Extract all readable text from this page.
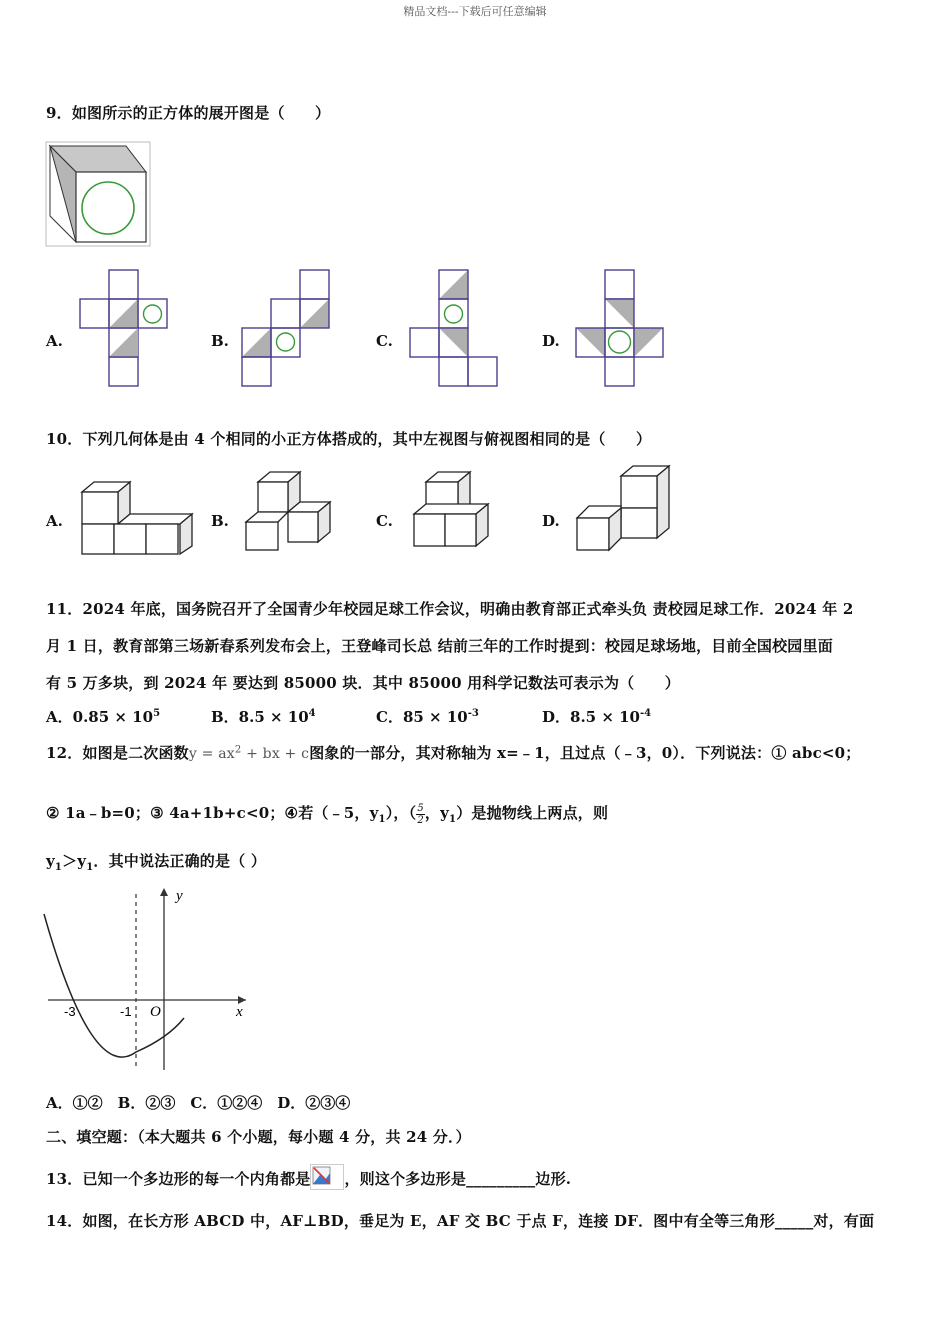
精品文档---下载后可任意编辑
9．如图所示的正方体的展开图是（　　）
A.	B.	C.	D.
10．下列几何体是由 4 个相同的小正方体搭成的，其中左视图与俯视图相同的是（　　）
A.	B.	C.	D.
11．2024 年底，国务院召开了全国青少年校园足球工作会议，明确由教育部正式牵头负 责校园足球工作．2024 年 2
月 1 日，教育部第三场新春系列发布会上，王登峰司长总 结前三年的工作时提到：校园足球场地，目前全国校园里面
有 5 万多块，到 2024 年 要达到 85000 块．其中 85000 用科学记数法可表示为（　　）
A．$0.85 \times 10^5$	B．$8.5 \times 10^4$	C．$85 \times 10^{-3}$	D．$8.5 \times 10^{-4}$
12．如图是二次函数$y = ax^2$ + bx + c图象的一部分，其对称轴为 x=﹣1，且过点（﹣3，0）．下列说法：① abc<0；
② 1a﹣b=0；③ 4a+1b+c<0；④若（﹣5，$y_1$），（ $\frac{5}{2}$ ，$y_1$）是抛物线上两点，则
$y_1>y_1$．其中说法正确的是（ ）
y
x
O
-3	-1
A．①②　B．②③　C．①②④　D．②③④
二、填空题：（本大题共 6 个小题，每小题 4 分，共 24 分．）
13．已知一个多边形的每一个内角都是 ，则这个多边形是_________边形.
14．如图，在长方形 ABCD 中，AF⊥BD，垂足为 E，AF 交 BC 于点 F，连接 DF．图中有全等三角形_____对，有面
